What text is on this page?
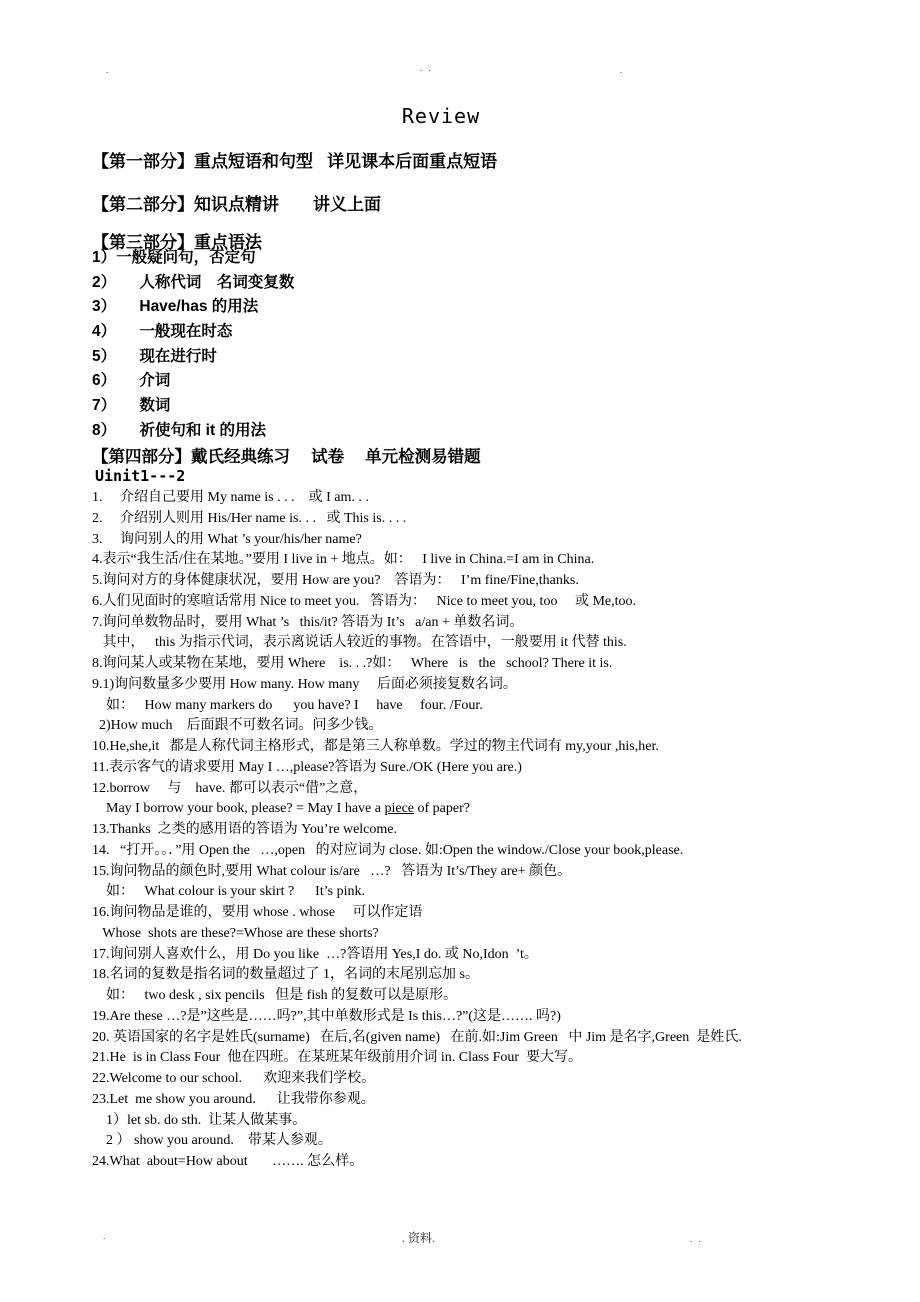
.	. .	.
Review
【第一部分】重点短语和句型   详见课本后面重点短语
【第二部分】知识点精讲　　讲义上面
【第三部分】重点语法
1）一般疑问句，否定句
2）　　人称代词　名词变复数
3）　　Have/has 的用法
4）　　一般现在时态
5）　　现在进行时
6）　　介词
7）　　数词
8）　　祈使句和 it 的用法
【第四部分】戴氏经典练习　 试卷　 单元检测易错题
Uinit1---2
1.     介绍自己要用 My name is . . .    或 I am. . .
2.     介绍别人则用 His/Her name is. . .   或 This is. . . .
3.     询问别人的用 What ’s your/his/her name?
4.表示“我生活/住在某地。”要用 I live in + 地点。如：   I live in China.=I am in China.
5.询问对方的身体健康状况，要用 How are you?    答语为：   I’m fine/Fine,thanks.
6.人们见面时的寒喧话常用 Nice to meet you.   答语为：   Nice to meet you, too     或 Me,too.
7.询问单数物品时，要用 What ’s   this/it? 答语为 It’s   a/an + 单数名词。
其中，   this 为指示代词，表示离说话人较近的事物。在答语中，一般要用 it 代替 this.
8.询问某人或某物在某地，要用 Where    is. . .?如：   Where   is   the   school? There it is.
9.1)询问数量多少要用 How many. How many     后面必须接复数名词。
如：   How many markers do      you have? I     have     four. /Four.
2)How much    后面跟不可数名词。问多少钱。
10.He,she,it   都是人称代词主格形式，都是第三人称单数。学过的物主代词有 my,your ,his,her.
11.表示客气的请求要用 May I …,please?答语为 Sure./OK (Here you are.)
12.borrow     与    have. 都可以表示“借”之意，
May I borrow your book, please? = May I have a piece of paper?
13.Thanks  之类的感用语的答语为 You’re welcome.
14.   “打开。。．”用 Open the   …,open   的对应词为 close. 如:Open the window./Close your book,please.
15.询问物品的颜色时,要用 What colour is/are   …?   答语为 It’s/They are+ 颜色。
如：   What colour is your skirt ?      It’s pink.
16.询问物品是谁的，要用 whose . whose     可以作定语
Whose  shots are these?=Whose are these shorts?
17.询问别人喜欢什么，用 Do you like  …?答语用 Yes,I do. 或 No,Idon  ’t。
18.名词的复数是指名词的数量超过了 1，名词的末尾别忘加 s。
如：   two desk , six pencils   但是 fish 的复数可以是原形。
19.Are these …?是”这些是……吗?”,其中单数形式是 Is this…?”(这是……. 吗?)
20. 英语国家的名字是姓氏(surname)   在后,名(given name)   在前.如:Jim Green   中 Jim 是名字,Green  是姓氏.
21.He  is in Class Four  他在四班。在某班某年级前用介词 in. Class Four  要大写。
22.Welcome to our school.      欢迎来我们学校。
23.Let  me show you around.      让我带你参观。
1）let sb. do sth.  让某人做某事。
2 ） show you around.    带某人参观。
24.What  about=How about       ……. 怎么样。
.	. 资料.	. .
